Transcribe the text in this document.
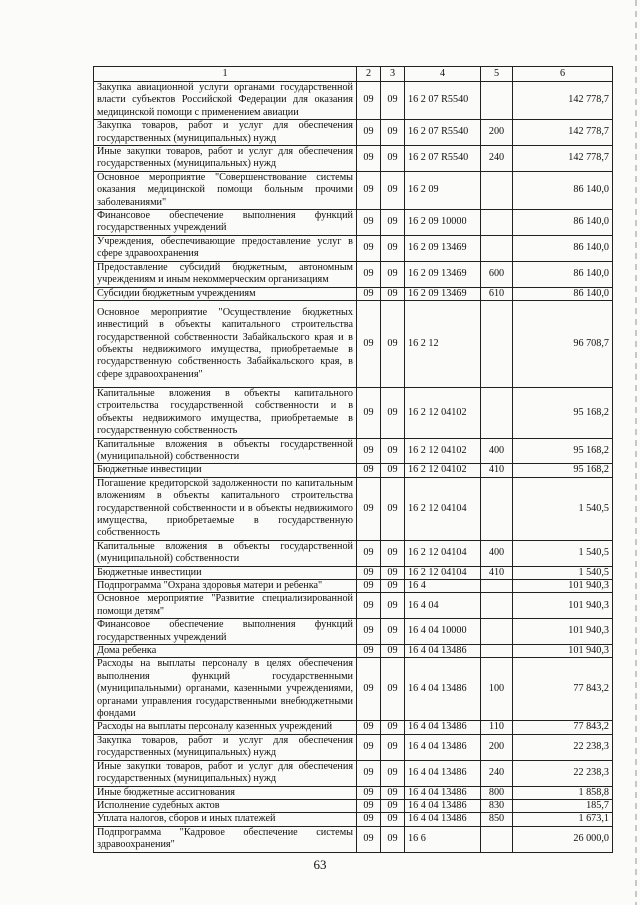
1	2	3	4	5	6
Закупка авиационной услуги органами государственной власти субъектов Российской Федерации для оказания медицинской помощи с применением авиации	09	09	16 2 07 R5540		142 778,7
Закупка товаров, работ и услуг для обеспечения государственных (муниципальных) нужд	09	09	16 2 07 R5540	200	142 778,7
Иные закупки товаров, работ и услуг для обеспечения государственных (муниципальных) нужд	09	09	16 2 07 R5540	240	142 778,7
Основное мероприятие "Совершенствование системы оказания медицинской помощи больным прочими заболеваниями"	09	09	16 2 09		86 140,0
Финансовое обеспечение выполнения функций государственных учреждений	09	09	16 2 09 10000		86 140,0
Учреждения, обеспечивающие предоставление услуг в сфере здравоохранения	09	09	16 2 09 13469		86 140,0
Предоставление субсидий бюджетным, автономным учреждениям и иным некоммерческим организациям	09	09	16 2 09 13469	600	86 140,0
Субсидии бюджетным учреждениям	09	09	16 2 09 13469	610	86 140,0
Основное мероприятие "Осуществление бюджетных инвестиций в объекты капитального строительства государственной собственности Забайкальского края и в объекты недвижимого имущества, приобретаемые в государственную собственность Забайкальского края, в сфере здравоохранения"	09	09	16 2 12		96 708,7
Капитальные вложения в объекты капитального строительства государственной собственности и в объекты недвижимого имущества, приобретаемые в государственную собственность	09	09	16 2 12 04102		95 168,2
Капитальные вложения в объекты государственной (муниципальной) собственности	09	09	16 2 12 04102	400	95 168,2
Бюджетные инвестиции	09	09	16 2 12 04102	410	95 168,2
Погашение кредиторской задолженности по капитальным вложениям в объекты капитального строительства государственной собственности и в объекты недвижимого имущества, приобретаемые в государственную собственность	09	09	16 2 12 04104		1 540,5
Капитальные вложения в объекты государственной (муниципальной) собственности	09	09	16 2 12 04104	400	1 540,5
Бюджетные инвестиции	09	09	16 2 12 04104	410	1 540,5
Подпрограмма "Охрана здоровья матери и ребенка"	09	09	16 4		101 940,3
Основное мероприятие "Развитие специализированной помощи детям"	09	09	16 4 04		101 940,3
Финансовое обеспечение выполнения функций государственных учреждений	09	09	16 4 04 10000		101 940,3
Дома ребенка	09	09	16 4 04 13486		101 940,3
Расходы на выплаты персоналу в целях обеспечения выполнения функций государственными (муниципальными) органами, казенными учреждениями, органами управления государственными внебюджетными фондами	09	09	16 4 04 13486	100	77 843,2
Расходы на выплаты персоналу казенных учреждений	09	09	16 4 04 13486	110	77 843,2
Закупка товаров, работ и услуг для обеспечения государственных (муниципальных) нужд	09	09	16 4 04 13486	200	22 238,3
Иные закупки товаров, работ и услуг для обеспечения государственных (муниципальных) нужд	09	09	16 4 04 13486	240	22 238,3
Иные бюджетные ассигнования	09	09	16 4 04 13486	800	1 858,8
Исполнение судебных актов	09	09	16 4 04 13486	830	185,7
Уплата налогов, сборов и иных платежей	09	09	16 4 04 13486	850	1 673,1
Подпрограмма "Кадровое обеспечение системы здравоохранения"	09	09	16 6		26 000,0
63
